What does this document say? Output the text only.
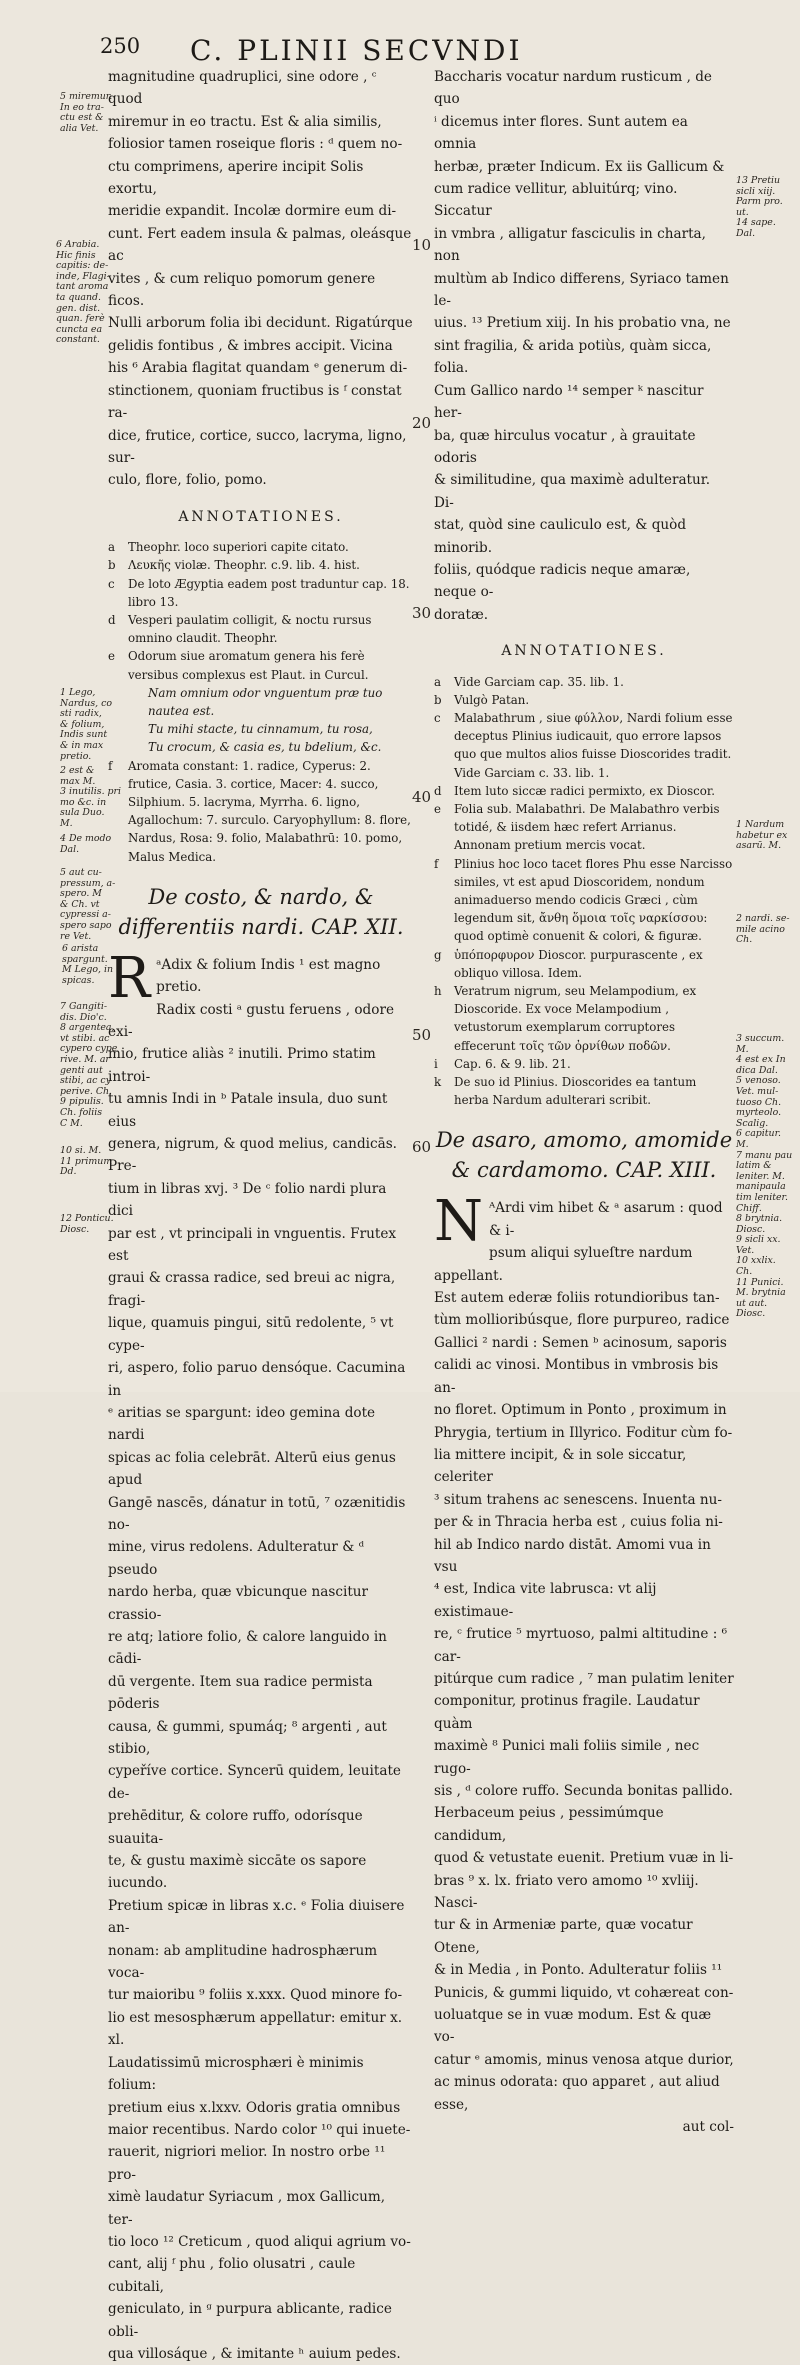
250 C. PLINII SECVNDI
10
20
30
40
50
60
5 miremur.
In eo tra-
ctu est &
alia Vet.
6 Arabia.
Hic finis
capitis: de-
inde, Flagi-
tant aroma
ta quand.
gen. dist.
quan. ferè
cuncta ea
constant.
1 Lego,
Nardus, co
sti radix,
& folium,
Indis sunt
& in max
pretio.
2 est &
max M.
3 inutilis. pri
mo &c. in
sula Duo.
M.
4 De modo
Dal.
5 aut cu-
pressum, a-
spero. M
& Ch. vt
cypressi a-
spero sapo
re Vet.
6 arista
spargunt.
M Lego, in
spicas.
7 Gangiti-
dis. Dio'c.
8 argentea,
vt stibi. ac
cypero cype
rive. M. ar
genti aut
stibi, ac cy
perive. Ch.
9 pipulis.
Ch. foliis
C M.
10 si. M.
11 primum
Dd.
12 Ponticu.
Diosc.
13 Pretiu
sicli xiij.
Parm pro.
ut.
14 sape.
Dal.
1 Nardum
habetur ex
asarū. M.
2 nardi. se-
mile acino
Ch.
3 succum.
M.
4 est ex In
dica Dal.
5 venoso.
Vet. mul-
tuoso Ch.
myrteolo.
Scalig.
6 capitur.
M.
7 manu pau
latim &
leniter. M.
manipaula
tim leniter.
Chiff.
8 brytnia.
Diosc.
9 sicli xx.
Vet.
10 xxlix.
Ch.
11 Punici.
M. brytnia
ut aut.
Diosc.

magnitudine quadruplici, sine odore , ᶜ quod

miremur in eo tractu. Est & alia similis,

foliosior tamen roseique floris : ᵈ quem no-

ctu comprimens, aperire incipit Solis exortu,

meridie expandit. Incolæ dormire eum di-

cunt. Fert eadem insula & palmas, oleásque ac

vites , & cum reliquo pomorum genere ficos.

Nulli arborum folia ibi decidunt. Rigatúrque

gelidis fontibus , & imbres accipit. Vicina

his ⁶ Arabia flagitat quandam ᵉ generum di-

stinctionem, quoniam fructibus is ᶠ constat ra-

dice, frutice, cortice, succo, lacryma, ligno, sur-

culo, flore, folio, pomo.

ANNOTATIONES.
a	Theophr. loco superiori capite citato.
b	Λευκῆς violæ. Theophr. c.9. lib. 4. hist.
c	De loto Ægyptia eadem post traduntur cap. 18. libro 13.
d	Vesperi paulatim colligit, & noctu rursus omnino claudit. Theophr.
e	Odorum siue aromatum genera his ferè versibus complexus est Plaut. in Curcul.
Nam omnium odor vnguentum præ tuo nautea est.
Tu mihi stacte, tu cinnamum, tu rosa,
Tu crocum, & casia es, tu bdelium, &c.
f	Aromata constant: 1. radice, Cyperus: 2. frutice, Casia. 3. cortice, Macer: 4. succo, Silphium. 5. lacryma, Myrrha. 6. ligno, Agallochum: 7. surculo. Caryophyllum: 8. flore, Nardus, Rosa: 9. folio, Malabathrū: 10. pomo, Malus Medica.
De costo, & nardo, & differentiis nardi. CAP. XII.
R ᵃAdix & folium Indis ¹ est magno pretio.

Radix costi ᵃ gustu feruens , odore exi-

mio, frutice aliàs ² inutili. Primo statim introi-

tu amnis Indi in ᵇ Patale insula, duo sunt eius

genera, nigrum, & quod melius, candicās. Pre-

tium in libras xvj. ³ De ᶜ folio nardi plura dici

par est , vt principali in vnguentis. Frutex est

graui & crassa radice, sed breui ac nigra, fragi-

lique, quamuis pingui, sitū redolente, ⁵ vt cype-

ri, aspero, folio paruo densóque. Cacumina in

ᵉ aritias se spargunt: ideo gemina dote nardi

spicas ac folia celebrāt. Alterū eius genus apud

Gangē nascēs, dánatur in totū, ⁷ ozænitidis no-

mine, virus redolens. Adulteratur & ᵈ pseudo

nardo herba, quæ vbicunque nascitur crassio-

re atq; latiore folio, & calore languido in cādi-

dū vergente. Item sua radice permista pōderis

causa, & gummi, spumáq; ⁸ argenti , aut stibio,

cypeříve cortice. Syncerū quidem, leuitate de-

prehēditur, & colore ruffo, odorísque suauita-

te, & gustu maximè siccāte os sapore iucundo.

Pretium spicæ in libras x.c. ᵉ Folia diuisere an-

nonam: ab amplitudine hadrosphærum voca-

tur maioribu ⁹ foliis x.xxx. Quod minore fo-

lio est mesosphærum appellatur: emitur x. xl.

Laudatissimū microsphæri è minimis folium:

pretium eius x.lxxv. Odoris gratia omnibus

maior recentibus. Nardo color ¹⁰ qui inuete-

rauerit, nigriori melior. In nostro orbe ¹¹ pro-

ximè laudatur Syriacum , mox Gallicum, ter-

tio loco ¹² Creticum , quod aliqui agrium vo-

cant, alij ᶠ phu , folio olusatri , caule cubitali,

geniculato, in ᵍ purpura ablicante, radice obli-

qua villosáque , & imitante ʰ auium pedes.

Baccharis vocatur nardum rusticum , de quo

ⁱ dicemus inter flores. Sunt autem ea omnia

herbæ, præter Indicum. Ex iis Gallicum &

cum radice vellitur, abluitúrq; vino. Siccatur

in vmbra , alligatur fasciculis in charta, non

multùm ab Indico differens, Syriaco tamen le-

uius. ¹³ Pretium xiij. In his probatio vna, ne

sint fragilia, & arida potiùs, quàm sicca, folia.

Cum Gallico nardo ¹⁴ semper ᵏ nascitur her-

ba, quæ hirculus vocatur , à grauitate odoris

& similitudine, qua maximè adulteratur. Di-

stat, quòd sine cauliculo est, & quòd minorib.

foliis, quódque radicis neque amaræ, neque o-

doratæ.

ANNOTATIONES.
a	Vide Garciam cap. 35. lib. 1.
b	Vulgò Patan.
c	Malabathrum , siue φύλλον, Nardi folium esse deceptus Plinius iudicauit, quo errore lapsos quo que multos alios fuisse Dioscorides tradit. Vide Garciam c. 33. lib. 1.
d	Item luto siccæ radici permixto, ex Dioscor.
e	Folia sub. Malabathri. De Malabathro verbis totidé, & iisdem hæc refert Arrianus. Annonam pretium mercis vocat.
f	Plinius hoc loco tacet flores Phu esse Narcisso similes, vt est apud Dioscoridem, nondum animaduerso mendo codicis Græci , cùm legendum sit, ἄνθη ὅμοια τοῖς ναρκίσσου: quod optimè conuenit & colori, & figuræ.
g	ὑπόπορφυρον Dioscor. purpurascente , ex obliquo villosa. Idem.
h	Veratrum nigrum, seu Melampodium, ex Dioscoride. Ex voce Melampodium , vetustorum exemplarum corruptores effecerunt τοῖς τῶν ὀρνίθων ποδῶν.
i	Cap. 6. & 9. lib. 21.
k	De suo id Plinius. Dioscorides ea tantum herba Nardum adulterari scribit.
De asaro, amomo, amomide & cardamomo. CAP. XIII.
N ᴬArdi vim hibet & ᵃ asarum : quod & i-

psum aliqui sylueſtre nardum appellant.

Est autem ederæ foliis rotundioribus tan-

tùm mollioribúsque, flore purpureo, radice

Gallici ² nardi : Semen ᵇ acinosum, saporis

calidi ac vinosi. Montibus in vmbrosis bis an-

no floret. Optimum in Ponto , proximum in

Phrygia, tertium in Illyrico. Foditur cùm fo-

lia mittere incipit, & in sole siccatur, celeriter

³ situm trahens ac senescens. Inuenta nu-

per & in Thracia herba est , cuius folia ni-

hil ab Indico nardo distāt. Amomi vua in vsu

⁴ est, Indica vite labrusca: vt alij existimaue-

re, ᶜ frutice ⁵ myrtuoso, palmi altitudine : ⁶ car-

pitúrque cum radice , ⁷ man pulatim leniter

componitur, protinus fragile. Laudatur quàm

maximè ⁸ Punici mali foliis simile , nec rugo-

sis , ᵈ colore ruffo. Secunda bonitas pallido.

Herbaceum peius , pessimúmque candidum,

quod & vetustate euenit. Pretium vuæ in li-

bras ⁹ x. lx. friato vero amomo ¹⁰ xvliij. Nasci-

tur & in Armeniæ parte, quæ vocatur Otene,

& in Media , in Ponto. Adulteratur foliis ¹¹

Punicis, & gummi liquido, vt cohæreat con-

uoluatque se in vuæ modum. Est & quæ vo-

catur ᵉ amomis, minus venosa atque durior,

ac minus odorata: quo apparet , aut aliud esse,

aut col-
